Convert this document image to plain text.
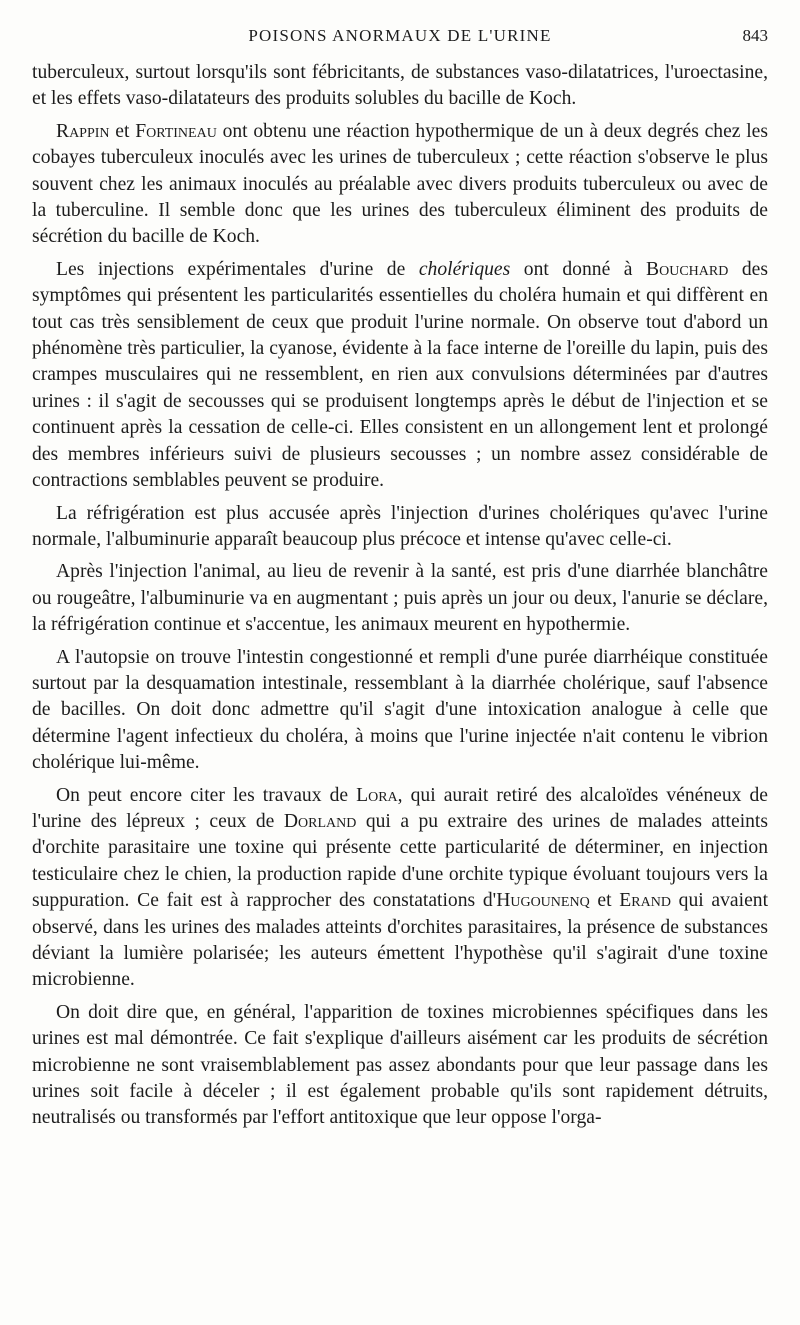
POISONS ANORMAUX DE L'URINE	843

tuberculeux, surtout lorsqu'ils sont fébricitants, de substances vaso-dilatatrices, l'uroectasine, et les effets vaso-dilatateurs des produits solubles du bacille de Koch.

Rappin et Fortineau ont obtenu une réaction hypothermique de un à deux degrés chez les cobayes tuberculeux inoculés avec les urines de tuberculeux ; cette réaction s'observe le plus souvent chez les animaux inoculés au préalable avec divers produits tuberculeux ou avec de la tuberculine. Il semble donc que les urines des tuberculeux éliminent des produits de sécrétion du bacille de Koch.

Les injections expérimentales d'urine de cholériques ont donné à Bouchard des symptômes qui présentent les particularités essentielles du choléra humain et qui diffèrent en tout cas très sensiblement de ceux que produit l'urine normale. On observe tout d'abord un phénomène très particulier, la cyanose, évidente à la face interne de l'oreille du lapin, puis des crampes musculaires qui ne ressemblent, en rien aux convulsions déterminées par d'autres urines : il s'agit de secousses qui se produisent longtemps après le début de l'injection et se continuent après la cessation de celle-ci. Elles consistent en un allongement lent et prolongé des membres inférieurs suivi de plusieurs secousses ; un nombre assez considérable de contractions semblables peuvent se produire.

La réfrigération est plus accusée après l'injection d'urines cholériques qu'avec l'urine normale, l'albuminurie apparaît beaucoup plus précoce et intense qu'avec celle-ci.

Après l'injection l'animal, au lieu de revenir à la santé, est pris d'une diarrhée blanchâtre ou rougeâtre, l'albuminurie va en augmentant ; puis après un jour ou deux, l'anurie se déclare, la réfrigération continue et s'accentue, les animaux meurent en hypothermie.

A l'autopsie on trouve l'intestin congestionné et rempli d'une purée diarrhéique constituée surtout par la desquamation intestinale, ressemblant à la diarrhée cholérique, sauf l'absence de bacilles. On doit donc admettre qu'il s'agit d'une intoxication analogue à celle que détermine l'agent infectieux du choléra, à moins que l'urine injectée n'ait contenu le vibrion cholérique lui-même.

On peut encore citer les travaux de Lora, qui aurait retiré des alcaloïdes vénéneux de l'urine des lépreux ; ceux de Dorland qui a pu extraire des urines de malades atteints d'orchite parasitaire une toxine qui présente cette particularité de déterminer, en injection testiculaire chez le chien, la production rapide d'une orchite typique évoluant toujours vers la suppuration. Ce fait est à rapprocher des constatations d'Hugounenq et Erand qui avaient observé, dans les urines des malades atteints d'orchites parasitaires, la présence de substances déviant la lumière polarisée; les auteurs émettent l'hypothèse qu'il s'agirait d'une toxine microbienne.

On doit dire que, en général, l'apparition de toxines microbiennes spécifiques dans les urines est mal démontrée. Ce fait s'explique d'ailleurs aisément car les produits de sécrétion microbienne ne sont vraisemblablement pas assez abondants pour que leur passage dans les urines soit facile à déceler ; il est également probable qu'ils sont rapidement détruits, neutralisés ou transformés par l'effort antitoxique que leur oppose l'orga-
